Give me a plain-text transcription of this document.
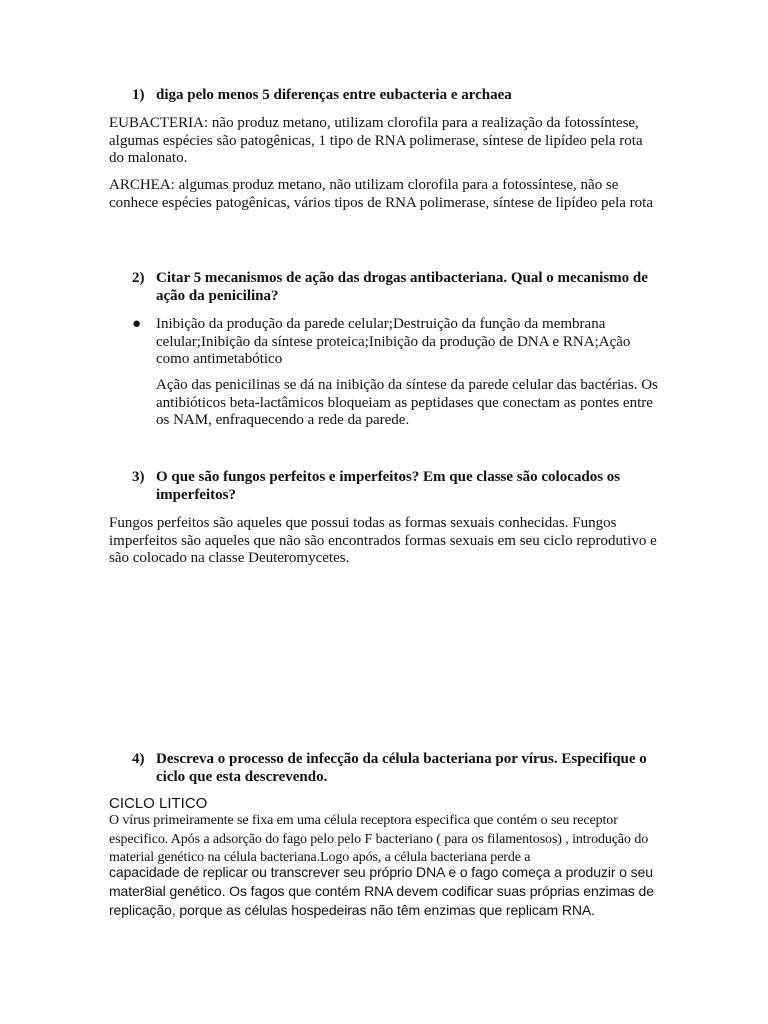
1) diga pelo menos 5 diferenças entre eubacteria e archaea
EUBACTERIA: não produz metano, utilizam clorofila para a realização da fotossíntese, algumas espécies são patogênicas, 1 tipo de RNA polimerase, síntese de lipídeo pela rota do malonato.
ARCHEA: algumas produz metano, não utilizam clorofila para a fotossíntese, não se conhece espécies patogênicas, vários tipos de RNA polimerase, síntese de lipídeo pela rota
2) Citar 5 mecanismos de ação das drogas antibacteriana. Qual o mecanismo de ação da penicilina?
● Inibição da produção da parede celular;Destruição da função da membrana celular;Inibição da síntese proteica;Inibição da produção de DNA e RNA;Ação como antimetabótico
Ação das penicilinas se dá na inibição da síntese da parede celular das bactérias. Os antibióticos beta-lactâmicos bloqueiam as peptidases que conectam as pontes entre os NAM, enfraquecendo a rede da parede.
3) O que são fungos perfeitos e imperfeitos? Em que classe são colocados os imperfeitos?
Fungos perfeitos são aqueles que possui todas as formas sexuais conhecidas. Fungos imperfeitos são aqueles que não são encontrados formas sexuais em seu ciclo reprodutivo e são colocado na classe Deuteromycetes.
4) Descreva o processo de infecção da célula bacteriana por vírus. Especifique o ciclo que esta descrevendo.
CICLO LITICO
O vírus primeiramente se fixa em uma célula receptora especifica que contém o seu receptor especifico. Após a adsorção do fago pelo pelo F bacteriano ( para os filamentosos) , introdução do material genético na célula bacteriana.Logo após, a célula bacteriana perde a
capacidade de replicar ou transcrever seu próprio DNA e o fago começa a produzir o seu mater8ial genético. Os fagos que contém RNA devem codificar suas próprias enzimas de replicação, porque as células hospedeiras não têm enzimas que replicam RNA.
